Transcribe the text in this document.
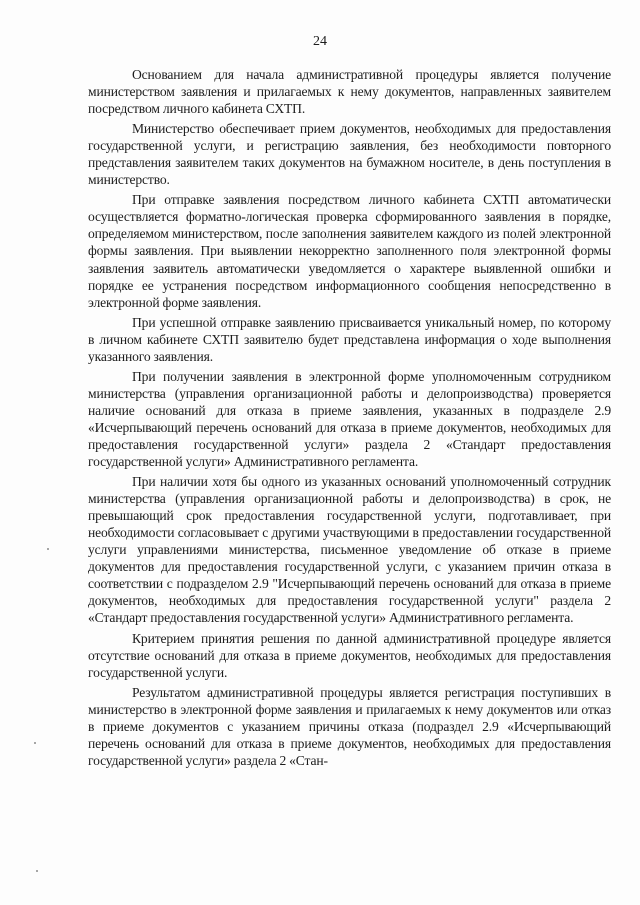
24

Основанием для начала административной процедуры является получение министерством заявления и прилагаемых к нему документов, направленных заявителем посредством личного кабинета СХТП.

Министерство обеспечивает прием документов, необходимых для предоставления государственной услуги, и регистрацию заявления, без необходимости повторного представления заявителем таких документов на бумажном носителе, в день поступления в министерство.

При отправке заявления посредством личного кабинета СХТП автоматически осуществляется форматно-логическая проверка сформированного заявления в порядке, определяемом министерством, после заполнения заявителем каждого из полей электронной формы заявления. При выявлении некорректно заполненного поля электронной формы заявления заявитель автоматически уведомляется о характере выявленной ошибки и порядке ее устранения посредством информационного сообщения непосредственно в электронной форме заявления.

При успешной отправке заявлению присваивается уникальный номер, по которому в личном кабинете СХТП заявителю будет представлена информация о ходе выполнения указанного заявления.

При получении заявления в электронной форме уполномоченным сотрудником министерства (управления организационной работы и делопроизводства) проверяется наличие оснований для отказа в приеме заявления, указанных в подразделе 2.9 «Исчерпывающий перечень оснований для отказа в приеме документов, необходимых для предоставления государственной услуги» раздела 2 «Стандарт предоставления государственной услуги» Административного регламента.

При наличии хотя бы одного из указанных оснований уполномоченный сотрудник министерства (управления организационной работы и делопроизводства) в срок, не превышающий срок предоставления государственной услуги, подготавливает, при необходимости согласовывает с другими участвующими в предоставлении государственной услуги управлениями министерства, письменное уведомление об отказе в приеме документов для предоставления государственной услуги, с указанием причин отказа в соответствии с подразделом 2.9 "Исчерпывающий перечень оснований для отказа в приеме документов, необходимых для предоставления государственной услуги" раздела 2 «Стандарт предоставления государственной услуги» Административного регламента.

Критерием принятия решения по данной административной процедуре является отсутствие оснований для отказа в приеме документов, необходимых для предоставления государственной услуги.

Результатом административной процедуры является регистрация поступивших в министерство в электронной форме заявления и прилагаемых к нему документов или отказ в приеме документов с указанием причины отказа (подраздел 2.9 «Исчерпывающий перечень оснований для отказа в приеме документов, необходимых для предоставления государственной услуги» раздела 2 «Стан-
